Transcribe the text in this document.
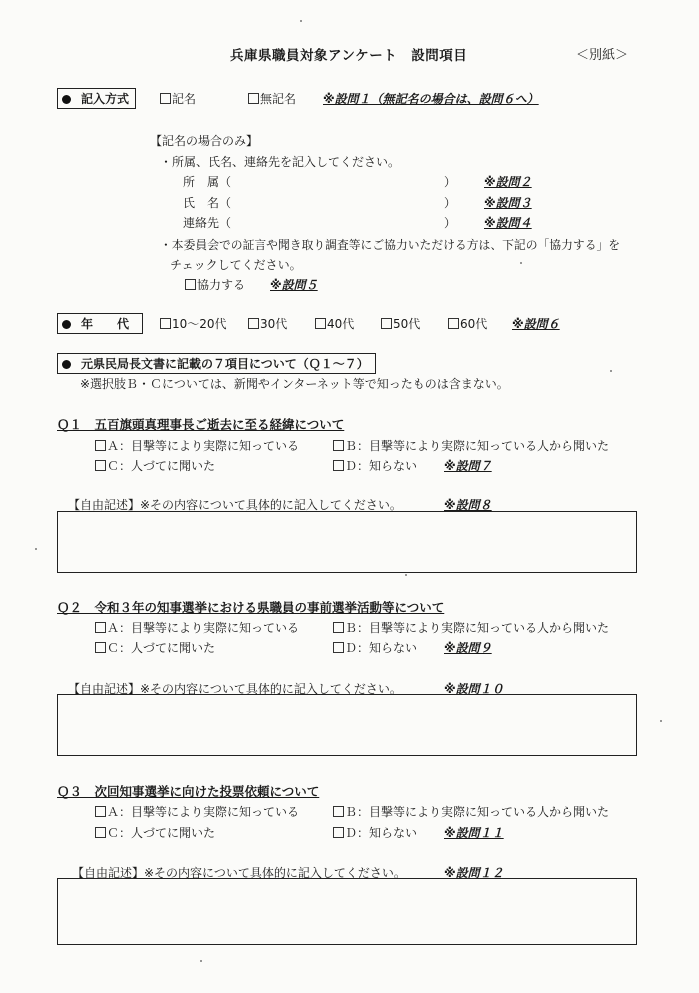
兵庫県職員対象アンケート　設問項目	＜別紙＞
記入方式	記名	無記名 ※設問１（無記名の場合は、設問６へ）
【記名の場合のみ】
・所属、氏名、連絡先を記入してください。
所　属（	） ※設問２
氏　名（	） ※設問３
連絡先（	） ※設問４
・本委員会での証言や聞き取り調査等にご協力いただける方は、下記の「協力する」を
チェックしてください。
協力する ※設問５
年　　代	10～20代	30代	40代	50代	60代 ※設問６
元県民局長文書に記載の７項目について（Ｑ１～７）
※選択肢Ｂ・Ｃについては、新聞やインターネット等で知ったものは含まない。
Ｑ１　五百旗頭真理事長ご逝去に至る経緯について
Ａ：目撃等により実際に知っている	Ｂ：目撃等により実際に知っている人から聞いた
Ｃ：人づてに聞いた	Ｄ：知らない ※設問７
【自由記述】※その内容について具体的に記入してください。	※設問８
Ｑ２　令和３年の知事選挙における県職員の事前選挙活動等について
Ａ：目撃等により実際に知っている	Ｂ：目撃等により実際に知っている人から聞いた
Ｃ：人づてに聞いた	Ｄ：知らない ※設問９
【自由記述】※その内容について具体的に記入してください。	※設問１０
Ｑ３　次回知事選挙に向けた投票依頼について
Ａ：目撃等により実際に知っている	Ｂ：目撃等により実際に知っている人から聞いた
Ｃ：人づてに聞いた	Ｄ：知らない ※設問１１
【自由記述】※その内容について具体的に記入してください。	※設問１２
